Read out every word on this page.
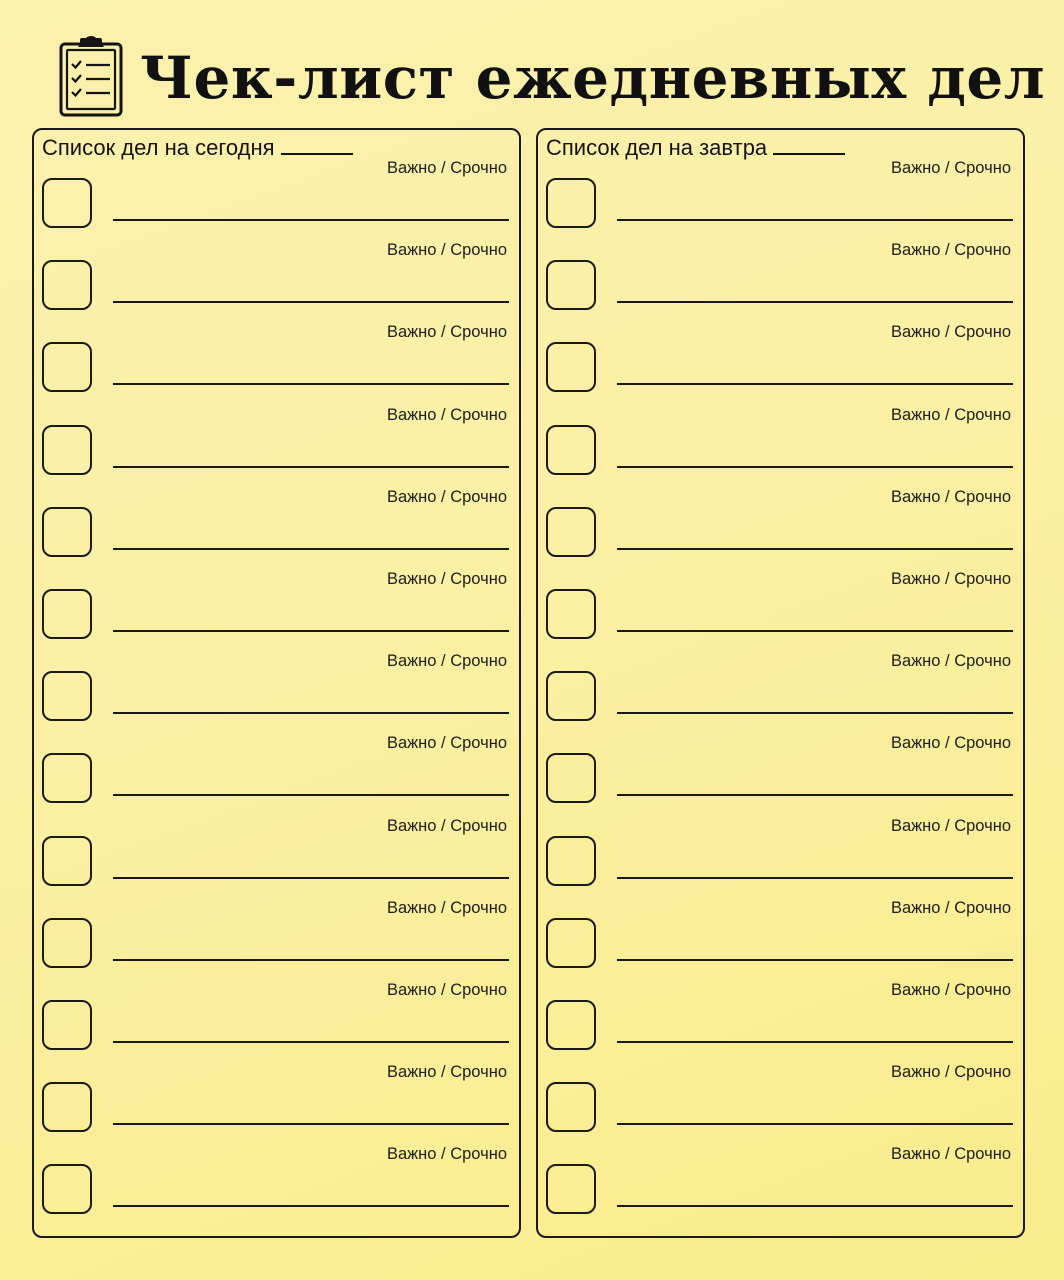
Чек-лист ежедневных дел
Список дел на сегодня
Важно / Срочно
Важно / Срочно
Важно / Срочно
Важно / Срочно
Важно / Срочно
Важно / Срочно
Важно / Срочно
Важно / Срочно
Важно / Срочно
Важно / Срочно
Важно / Срочно
Важно / Срочно
Важно / Срочно
Список дел на завтра
Важно / Срочно
Важно / Срочно
Важно / Срочно
Важно / Срочно
Важно / Срочно
Важно / Срочно
Важно / Срочно
Важно / Срочно
Важно / Срочно
Важно / Срочно
Важно / Срочно
Важно / Срочно
Важно / Срочно
